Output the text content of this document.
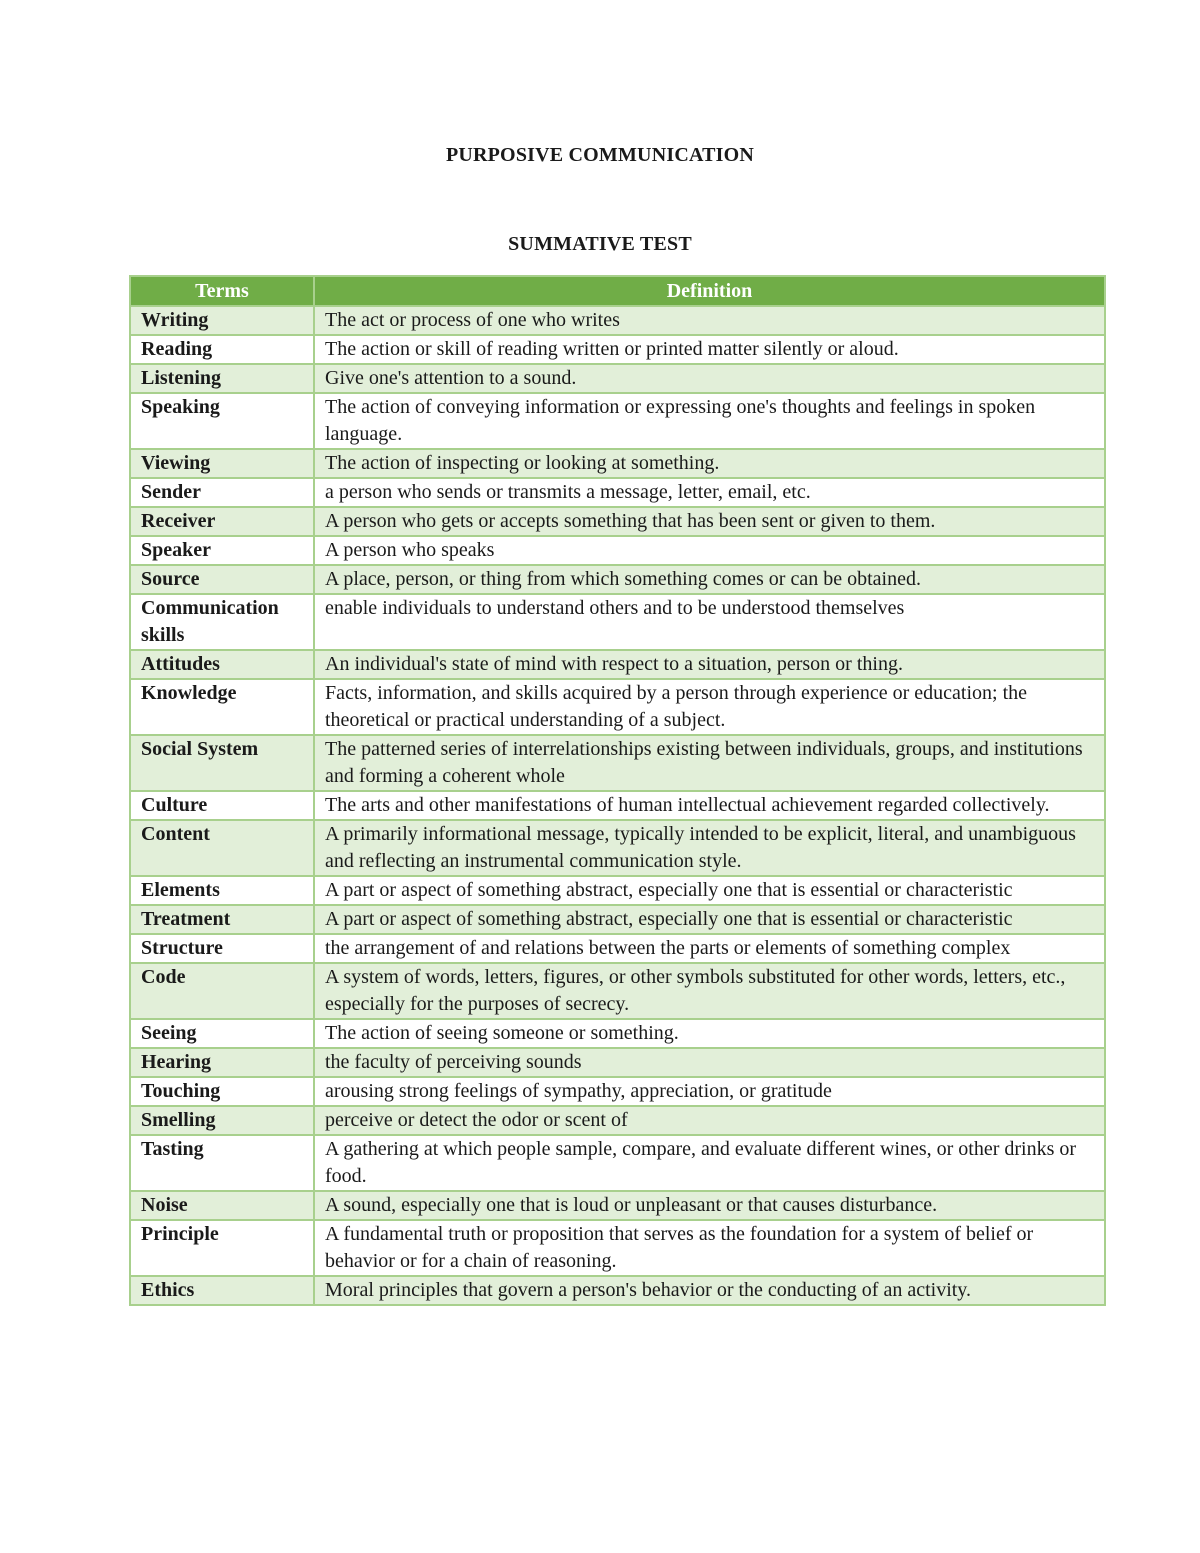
PURPOSIVE COMMUNICATION
SUMMATIVE TEST
Terms	Definition
Writing	The act or process of one who writes
Reading	The action or skill of reading written or printed matter silently or aloud.
Listening	Give one's attention to a sound.
Speaking	The action of conveying information or expressing one's thoughts and feelings in spoken language.
Viewing	The action of inspecting or looking at something.
Sender	a person who sends or transmits a message, letter, email, etc.
Receiver	A person who gets or accepts something that has been sent or given to them.
Speaker	A person who speaks
Source	A place, person, or thing from which something comes or can be obtained.
Communication skills	enable individuals to understand others and to be understood themselves
Attitudes	An individual's state of mind with respect to a situation, person or thing.
Knowledge	Facts, information, and skills acquired by a person through experience or education; the theoretical or practical understanding of a subject.
Social System	The patterned series of interrelationships existing between individuals, groups, and institutions and forming a coherent whole
Culture	The arts and other manifestations of human intellectual achievement regarded collectively.
Content	A primarily informational message, typically intended to be explicit, literal, and unambiguous and reflecting an instrumental communication style.
Elements	A part or aspect of something abstract, especially one that is essential or characteristic
Treatment	A part or aspect of something abstract, especially one that is essential or characteristic
Structure	the arrangement of and relations between the parts or elements of something complex
Code	A system of words, letters, figures, or other symbols substituted for other words, letters, etc., especially for the purposes of secrecy.
Seeing	The action of seeing someone or something.
Hearing	the faculty of perceiving sounds
Touching	arousing strong feelings of sympathy, appreciation, or gratitude
Smelling	perceive or detect the odor or scent of
Tasting	A gathering at which people sample, compare, and evaluate different wines, or other drinks or food.
Noise	A sound, especially one that is loud or unpleasant or that causes disturbance.
Principle	A fundamental truth or proposition that serves as the foundation for a system of belief or behavior or for a chain of reasoning.
Ethics	Moral principles that govern a person's behavior or the conducting of an activity.
